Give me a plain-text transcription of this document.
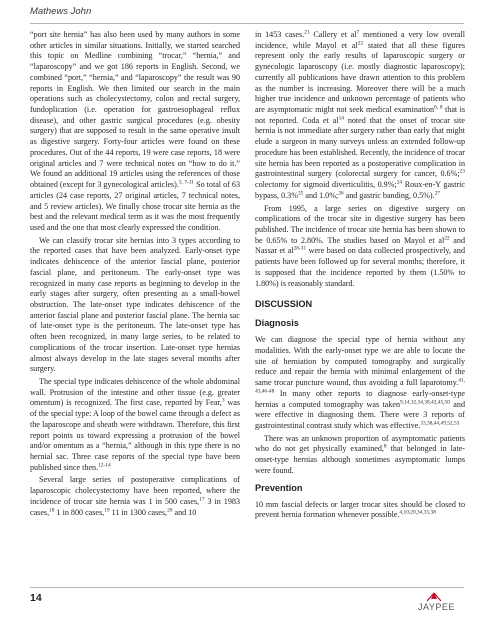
Mathews John

“port site hernia” has also been used by many authors in some other articles in similar situations. Initially, we started searched this topic on Medline combining “trocar,” “hernia,” and “laparoscopy” and we got 186 reports in English. Second, we combined “port,” “hernia,” and “laparoscopy” the result was 90 reports in English. We then limited our search in the main operations such as cholecystectomy, colon and rectal surgery, fundoplication (i.e. operation for gastroesophageal reflux disease), and other gastric surgical procedures (e.g. obesity surgery) that are supposed to result in the same operative insult as digestive surgery. Forty-four articles were found on these procedures. Out of the 44 reports, 19 were case reports, 18 were original articles and 7 were technical notes on “how to do it.” We found an additional 19 articles using the references of those obtained (except for 3 gynecological articles).$^{5, 7-11}$ So total of 63 articles (24 case reports, 27 original articles, 7 technical notes, and 5 review articles). We finally chose trocar site hernia as the best and the relevant medical term as it was the most frequently used and the one that most clearly expressed the condition.

We can classify trocar site hernias into 3 types according to the reported cases that have been analyzed. Early-onset type indicates dehiscence of the anterior fascial plane, posterior fascial plane, and peritoneum. The early-onset type was recognized in many case reports as beginning to develop in the early stages after surgery, often presenting as a small-bowel obstruction. The late-onset type indicates dehiscence of the anterior fascial plane and posterior fascial plane. The hernia sac of late-onset type is the peritoneum. The late-onset type has often been recognized, in many large series, to be related to complications of the trocar insertion. Late-onset type hernias almost always develop in the late stages several months after surgery.

The special type indicates dehiscence of the whole abdominal wall. Protrusion of the intestine and other tissue (e.g. greater omentum) is recognized. The first case, reported by Fear,$^3$ was of the special type: A loop of the bowel came through a defect as the laparoscope and sheath were withdrawn. Therefore, this first report points us toward expressing a protrusion of the bowel and/or omentum as a “hernia,” although in this type there is no hernial sac. Three case reports of the special type have been published since then.$^{12-14}$

Several large series of postoperative complications of laparoscopic cholecystectomy have been reported, where the incidence of trocar site hernia was 1 in 500 cases,$^{17}$ 3 in 1983 cases,$^{18}$ 1 in 800 cases,$^{19}$ 11 in 1300 cases,$^{20}$ and 10

in 1453 cases.$^{21}$ Callery et $al^7$ mentioned a very low overall incidence, while Mayol et $al^{22}$ stated that all these figures represent only the early results of laparoscopic surgery or gynecologic laparoscopy (i.e. mostly diagnostic laparoscopy); currently all publications have drawn attention to this problem as the number is increasing. Moreover there will be a much higher true incidence and unknown percentage of patients who are asymptomatic might not seek medical examination$^{6, 8}$ that is not reported. Coda et $al^{14}$ noted that the onset of trocar site hernia is not immediate after surgery rather than early that might elude a surgeon in many surveys unless an extended follow-up procedure has been established. Recently, the incidence of trocar site hernia has been reported as a postoperative complication in gastrointestinal surgery (colorectal surgery for cancer, 0.6%;$^{23}$ colectomy for sigmoid diverticulitis, 0.9%;$^{24}$ Roux-en-Y gastric bypass, 0.3%$^{25}$ and 1.0%;$^{26}$ and gastric banding, 0.5%).$^{27}$

From 1995, a large series on digestive surgery on complications of the trocar site in digestive surgery has been published. The incidence of trocar site hernia has been shown to be 0.65% to 2.80%. The studies based on Mayol et $al^{22}$ and Nassar et $al^{28-31}$ were based on data collected prospectively, and patients have been followed up for several months; therefore, it is supposed that the incidence reported by them (1.50% to 1.80%) is reasonably standard.

DISCUSSION
Diagnosis

We can diagnose the special type of hernia without any modalities. With the early-onset type we are able to locate the site of herniation by computed tomography and surgically reduce and repair the hernia with minimal enlargement of the same trocar puncture wound, thus avoiding a full laparotomy.$^{41, 43,46-48}$ In many other reports to diagnose early-onset-type hernias a computed tomography was taken$^{9,14,32,34,38,42,45,50}$ and were effective in diagnosing them. There were 3 reports of gastrointestinal contrast study which was effective.$^{33,38,44,49,52,53}$

There was an unknown proportion of asymptomatic patients who do not get physically examined,$^8$ that belonged in late-onset-type hernias although sometimes asymptomatic lumps were found.

Prevention

10 mm fascial defects or larger trocar sites should be closed to prevent hernia formation whenever possible.$^{4,10,20,34,35,38}$

14
JAYPEE
